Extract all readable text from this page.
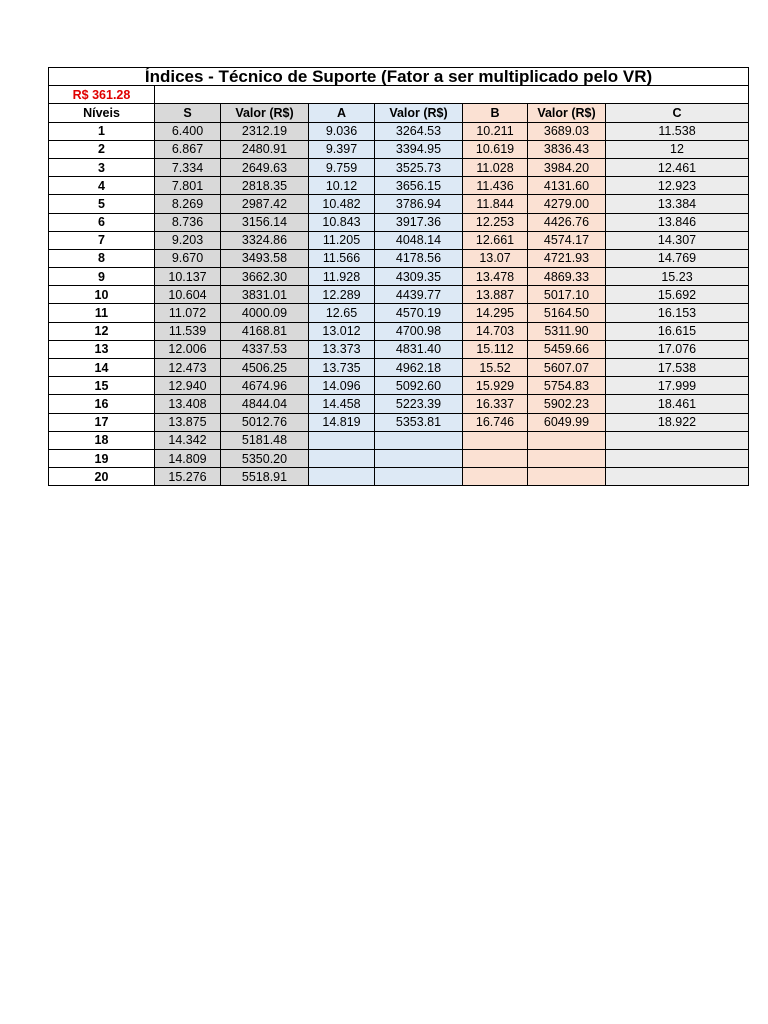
Índices - Técnico de Suporte (Fator a ser multiplicado pelo VR)							
R$ 361.28							
Níveis	S	Valor (R$)	A	Valor (R$)	B	Valor (R$)	C
1	6.400	2312.19	9.036	3264.53	10.211	3689.03	11.538
2	6.867	2480.91	9.397	3394.95	10.619	3836.43	12
3	7.334	2649.63	9.759	3525.73	11.028	3984.20	12.461
4	7.801	2818.35	10.12	3656.15	11.436	4131.60	12.923
5	8.269	2987.42	10.482	3786.94	11.844	4279.00	13.384
6	8.736	3156.14	10.843	3917.36	12.253	4426.76	13.846
7	9.203	3324.86	11.205	4048.14	12.661	4574.17	14.307
8	9.670	3493.58	11.566	4178.56	13.07	4721.93	14.769
9	10.137	3662.30	11.928	4309.35	13.478	4869.33	15.23
10	10.604	3831.01	12.289	4439.77	13.887	5017.10	15.692
11	11.072	4000.09	12.65	4570.19	14.295	5164.50	16.153
12	11.539	4168.81	13.012	4700.98	14.703	5311.90	16.615
13	12.006	4337.53	13.373	4831.40	15.112	5459.66	17.076
14	12.473	4506.25	13.735	4962.18	15.52	5607.07	17.538
15	12.940	4674.96	14.096	5092.60	15.929	5754.83	17.999
16	13.408	4844.04	14.458	5223.39	16.337	5902.23	18.461
17	13.875	5012.76	14.819	5353.81	16.746	6049.99	18.922
18	14.342	5181.48					
19	14.809	5350.20					
20	15.276	5518.91					
